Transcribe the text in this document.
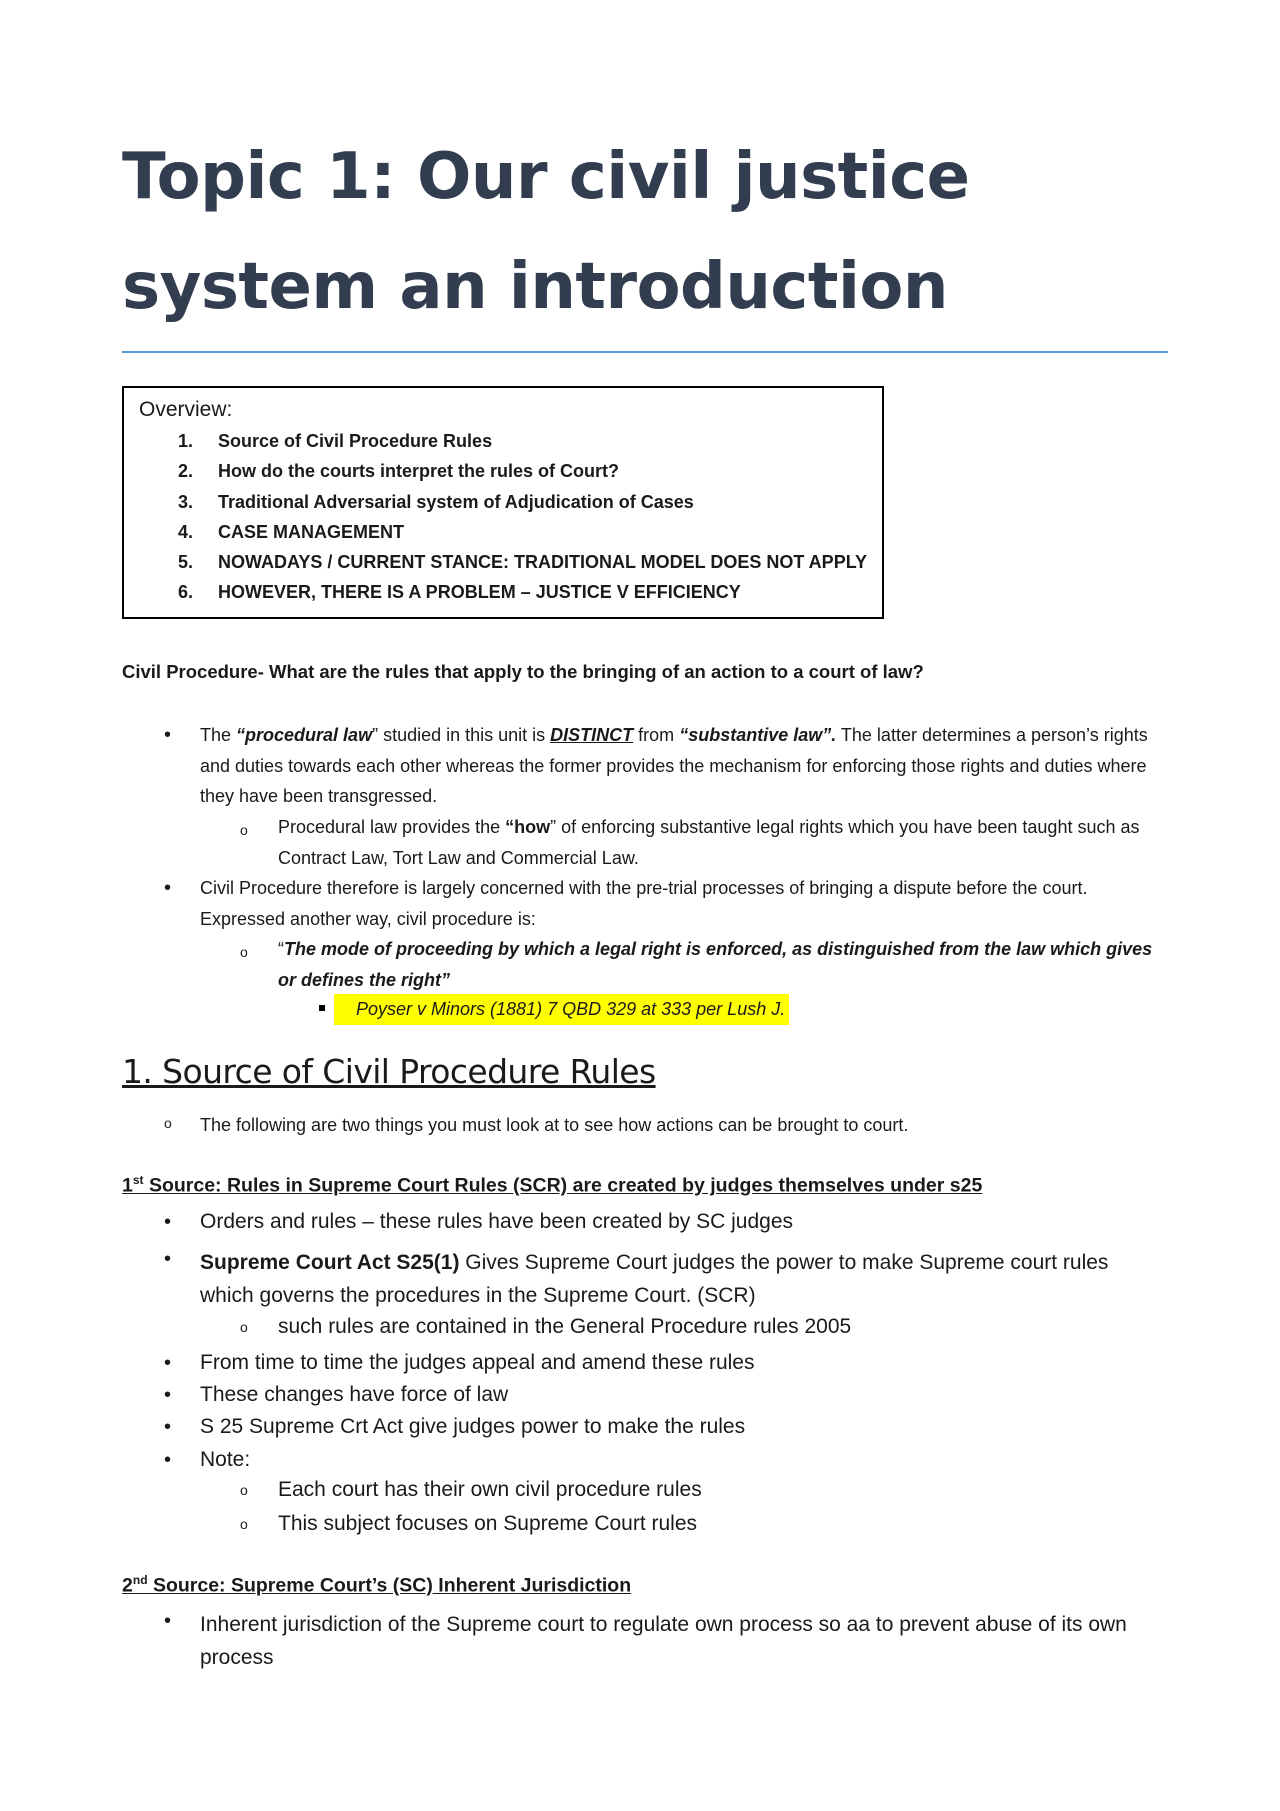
Topic 1: Our civil justice system an introduction
Overview:
1.	Source of Civil Procedure Rules
2.	How do the courts interpret the rules of Court?
3.	Traditional Adversarial system of Adjudication of Cases
4.	CASE MANAGEMENT
5.	NOWADAYS / CURRENT STANCE: TRADITIONAL MODEL DOES NOT APPLY
6.	HOWEVER, THERE IS A PROBLEM – JUSTICE V EFFICIENCY
Civil Procedure- What are the rules that apply to the bringing of an action to a court of law?
• The “procedural law” studied in this unit is DISTINCT from “substantive law”. The latter determines a person’s rights and duties towards each other whereas the former provides the mechanism for enforcing those rights and duties where they have been transgressed.
o Procedural law provides the “how” of enforcing substantive legal rights which you have been taught such as Contract Law, Tort Law and Commercial Law.
• Civil Procedure therefore is largely concerned with the pre-trial processes of bringing a dispute before the court. Expressed another way, civil procedure is:
o “The mode of proceeding by which a legal right is enforced, as distinguished from the law which gives or defines the right”
Poyser v Minors (1881) 7 QBD 329 at 333 per Lush J.
1. Source of Civil Procedure Rules
o The following are two things you must look at to see how actions can be brought to court.
1st Source: Rules in Supreme Court Rules (SCR) are created by judges themselves under s25
• Orders and rules – these rules have been created by SC judges
• Supreme Court Act S25(1) Gives Supreme Court judges the power to make Supreme court rules which governs the procedures in the Supreme Court. (SCR)
o such rules are contained in the General Procedure rules 2005
• From time to time the judges appeal and amend these rules
• These changes have force of law
• S 25 Supreme Crt Act give judges power to make the rules
• Note:
o Each court has their own civil procedure rules
o This subject focuses on Supreme Court rules
2nd Source: Supreme Court’s (SC) Inherent Jurisdiction
• Inherent jurisdiction of the Supreme court to regulate own process so aa to prevent abuse of its own process
